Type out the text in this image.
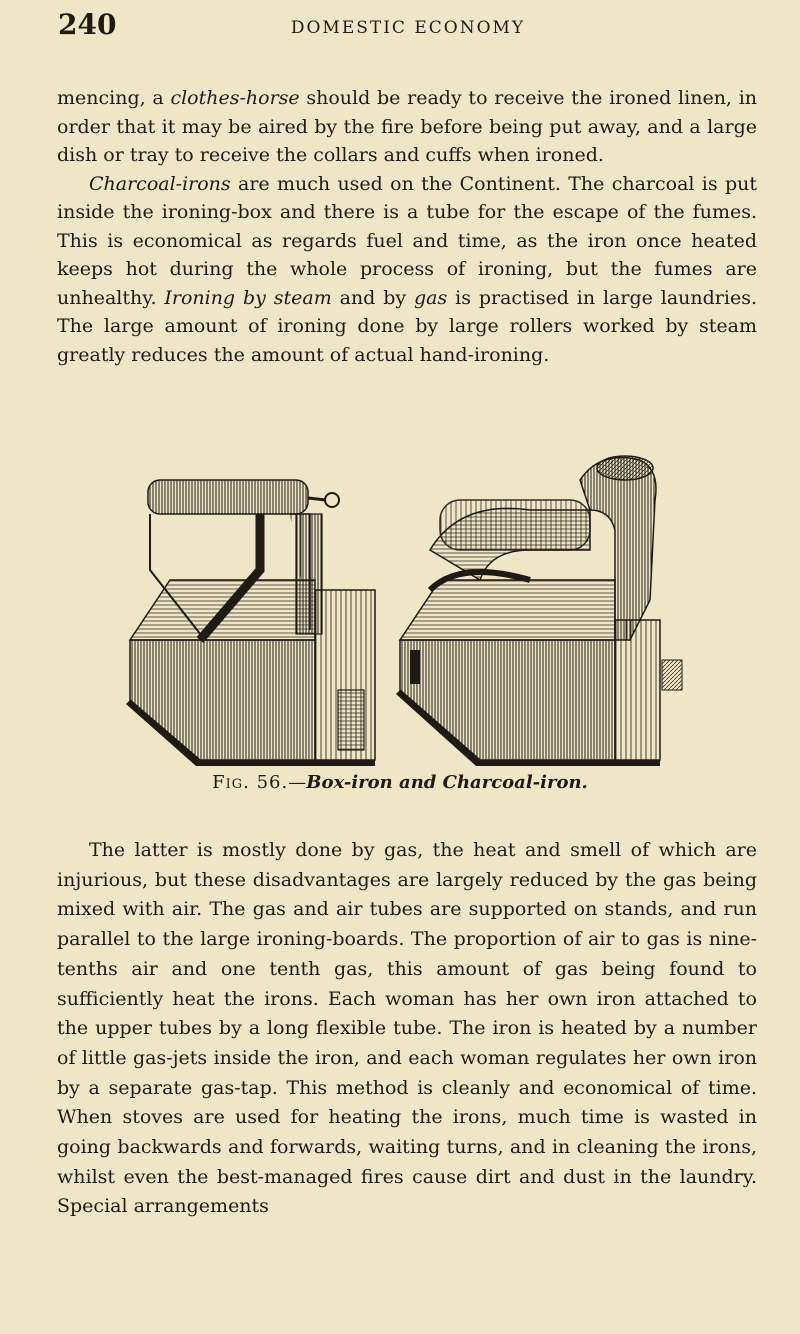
240	DOMESTIC ECONOMY

mencing, a clothes-horse should be ready to receive the ironed linen, in order that it may be aired by the fire before being put away, and a large dish or tray to receive the collars and cuffs when ironed.

Charcoal-irons are much used on the Continent. The charcoal is put inside the ironing-box and there is a tube for the escape of the fumes. This is economical as regards fuel and time, as the iron once heated keeps hot during the whole process of ironing, but the fumes are unhealthy. Ironing by steam and by gas is practised in large laundries. The large amount of ironing done by large rollers worked by steam greatly reduces the amount of actual hand-ironing.

Fig. 56.—Box-iron and Charcoal-iron.

The latter is mostly done by gas, the heat and smell of which are injurious, but these disadvantages are largely reduced by the gas being mixed with air. The gas and air tubes are supported on stands, and run parallel to the large ironing-boards. The proportion of air to gas is nine-tenths air and one tenth gas, this amount of gas being found to sufficiently heat the irons. Each woman has her own iron attached to the upper tubes by a long flexible tube. The iron is heated by a number of little gas-jets inside the iron, and each woman regulates her own iron by a separate gas-tap. This method is cleanly and economical of time. When stoves are used for heating the irons, much time is wasted in going backwards and forwards, waiting turns, and in cleaning the irons, whilst even the best-managed fires cause dirt and dust in the laundry. Special arrangements
